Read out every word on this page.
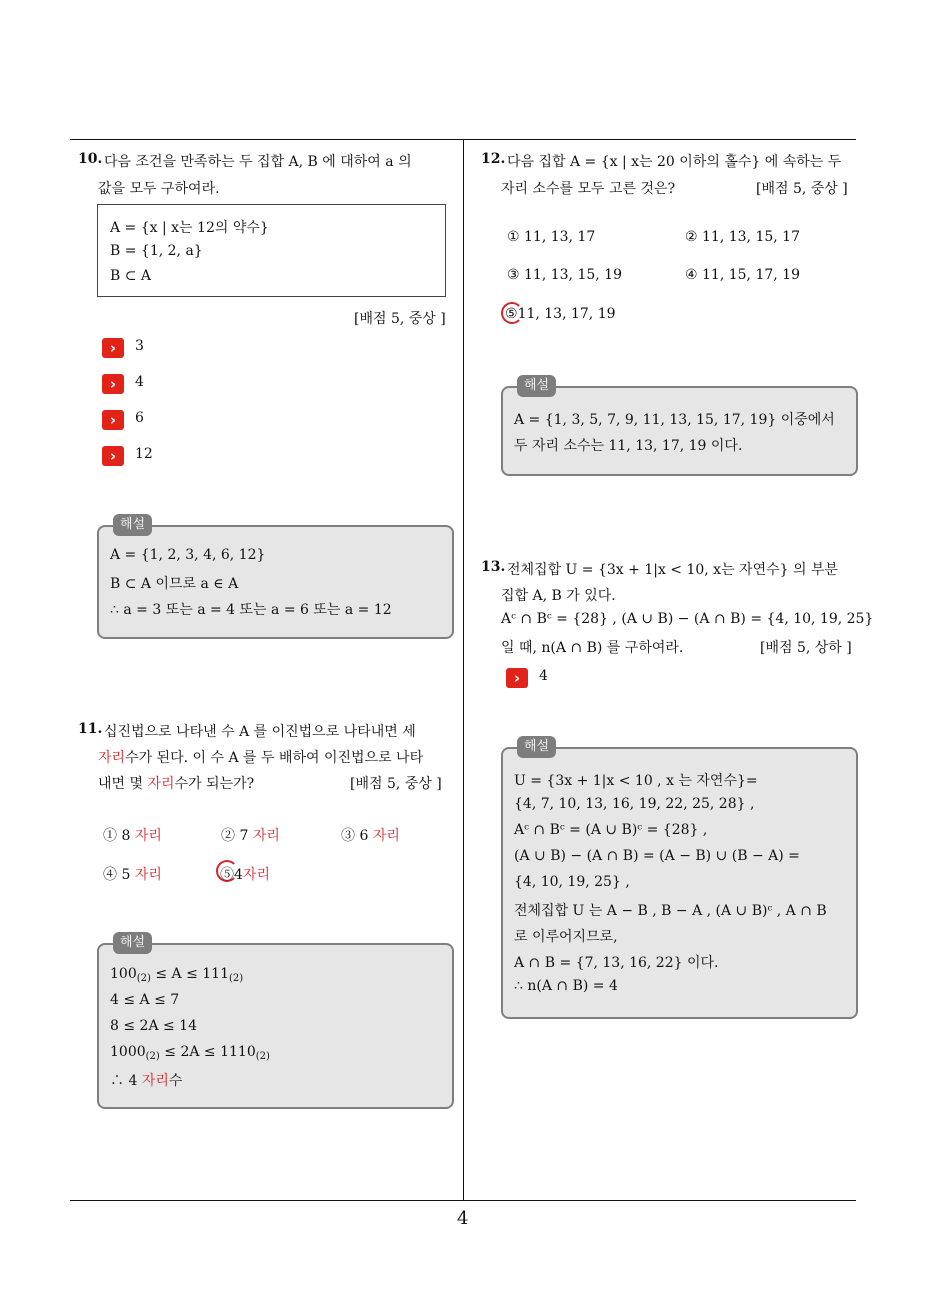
10. 다음 조건을 만족하는 두 집합 A, B 에 대하여 a 의
값을 모두 구하여라.
A = {x | x는 12의 약수}
B = {1, 2, a}
B ⊂ A
[배점 5, 중상 ]
›	3
›	4
›	6
›	12
해설
A = {1, 2, 3, 4, 6, 12}
B ⊂ A 이므로 a ∈ A
∴ a = 3 또는 a = 4 또는 a = 6 또는 a = 12
11. 십진법으로 나타낸 수 A 를 이진법으로 나타내면 세
자리수가 된다. 이 수 A 를 두 배하여 이진법으로 나타
내면 몇 자리수가 되는가?	[배점 5, 중상 ]
① 8 자리	② 7 자리	③ 6 자리
④ 5 자리	⑤4자리
해설
$100_{(2)} \le A \le 111_{(2)}$
4 ≤ A ≤ 7
8 ≤ 2A ≤ 14
$1000_{(2)} \le 2A \le 1110_{(2)}$
∴ 4 자리수
12. 다음 집합 A = {x | x는 20 이하의 홀수} 에 속하는 두
자리 소수를 모두 고른 것은?	[배점 5, 중상 ]
① 11, 13, 17	② 11, 13, 15, 17
③ 11, 13, 15, 19	④ 11, 15, 17, 19
⑤11, 13, 17, 19
해설
A = {1, 3, 5, 7, 9, 11, 13, 15, 17, 19} 이중에서
두 자리 소수는 11, 13, 17, 19 이다.
13. 전체집합 U = {3x + 1|x < 10, x는 자연수} 의 부분
집합 A, B 가 있다.
Aᶜ ∩ Bᶜ = {28} , (A ∪ B) − (A ∩ B) = {4, 10, 19, 25}
일 때, n(A ∩ B) 를 구하여라.	[배점 5, 상하 ]
›	4
해설
U = {3x + 1|x < 10 , x 는 자연수}=
{4, 7, 10, 13, 16, 19, 22, 25, 28} ,
Aᶜ ∩ Bᶜ = (A ∪ B)ᶜ = {28} ,
(A ∪ B) − (A ∩ B) = (A − B) ∪ (B − A) =
{4, 10, 19, 25} ,
전체집합 U 는 A − B , B − A , (A ∪ B)ᶜ , A ∩ B
로 이루어지므로,
A ∩ B = {7, 13, 16, 22} 이다.
∴ n(A ∩ B) = 4
4
